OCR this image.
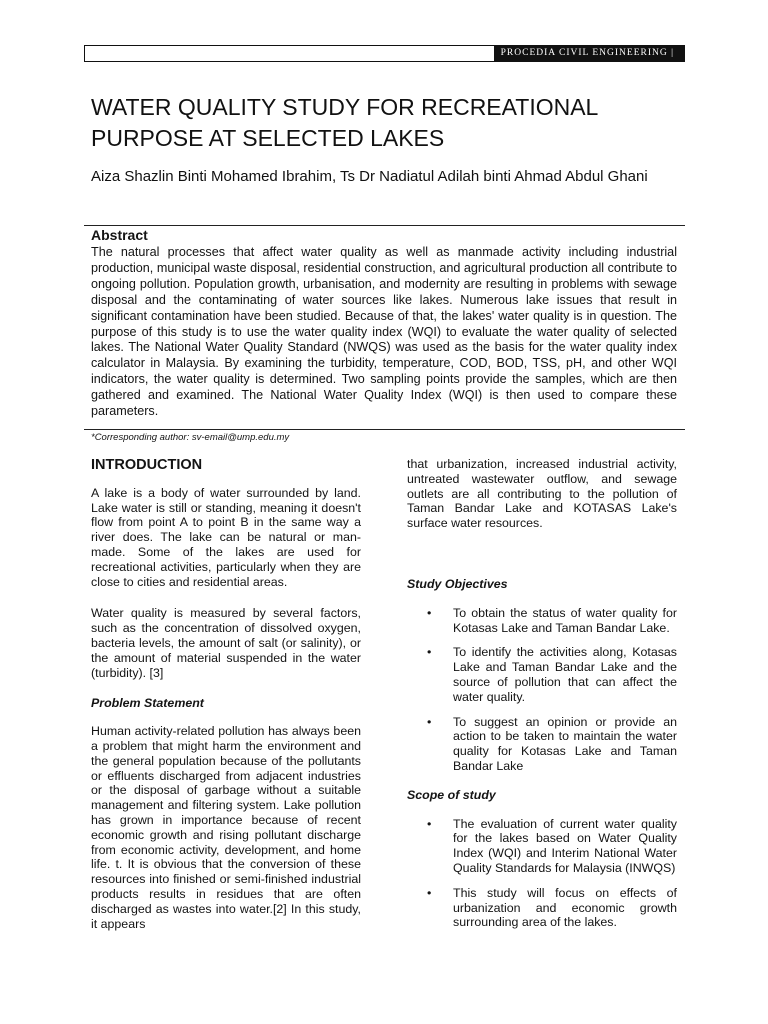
PROCEDIA CIVIL ENGINEERING |
WATER QUALITY STUDY FOR RECREATIONAL PURPOSE AT SELECTED LAKES

Aiza Shazlin Binti Mohamed Ibrahim, Ts Dr Nadiatul Adilah binti Ahmad Abdul Ghani

Abstract

The natural processes that affect water quality as well as manmade activity including industrial production, municipal waste disposal, residential construction, and agricultural production all contribute to ongoing pollution. Population growth, urbanisation, and modernity are resulting in problems with sewage disposal and the contaminating of water sources like lakes. Numerous lake issues that result in significant contamination have been studied. Because of that, the lakes' water quality is in question. The purpose of this study is to use the water quality index (WQI) to evaluate the water quality of selected lakes. The National Water Quality Standard (NWQS) was used as the basis for the water quality index calculator in Malaysia. By examining the turbidity, temperature, COD, BOD, TSS, pH, and other WQI indicators, the water quality is determined. Two sampling points provide the samples, which are then gathered and examined. The National Water Quality Index (WQI) is then used to compare these parameters.

*Corresponding author: sv-email@ump.edu.my

INTRODUCTION

A lake is a body of water surrounded by land. Lake water is still or standing, meaning it doesn't flow from point A to point B in the same way a river does. The lake can be natural or man-made. Some of the lakes are used for recreational activities, particularly when they are close to cities and residential areas.

Water quality is measured by several factors, such as the concentration of dissolved oxygen, bacteria levels, the amount of salt (or salinity), or the amount of material suspended in the water (turbidity). [3]

Problem Statement

Human activity-related pollution has always been a problem that might harm the environment and the general population because of the pollutants or effluents discharged from adjacent industries or the disposal of garbage without a suitable management and filtering system. Lake pollution has grown in importance because of recent economic growth and rising pollutant discharge from economic activity, development, and home life. t. It is obvious that the conversion of these resources into finished or semi-finished industrial products results in residues that are often discharged as wastes into water.[2] In this study, it appears

that urbanization, increased industrial activity, untreated wastewater outflow, and sewage outlets are all contributing to the pollution of Taman Bandar Lake and KOTASAS Lake's surface water resources.

Study Objectives

• To obtain the status of water quality for Kotasas Lake and Taman Bandar Lake.
• To identify the activities along, Kotasas Lake and Taman Bandar Lake and the source of pollution that can affect the water quality.
• To suggest an opinion or provide an action to be taken to maintain the water quality for Kotasas Lake and Taman Bandar Lake

Scope of study

• The evaluation of current water quality for the lakes based on Water Quality Index (WQI) and Interim National Water Quality Standards for Malaysia (INWQS)
• This study will focus on effects of urbanization and economic growth surrounding area of the lakes.
